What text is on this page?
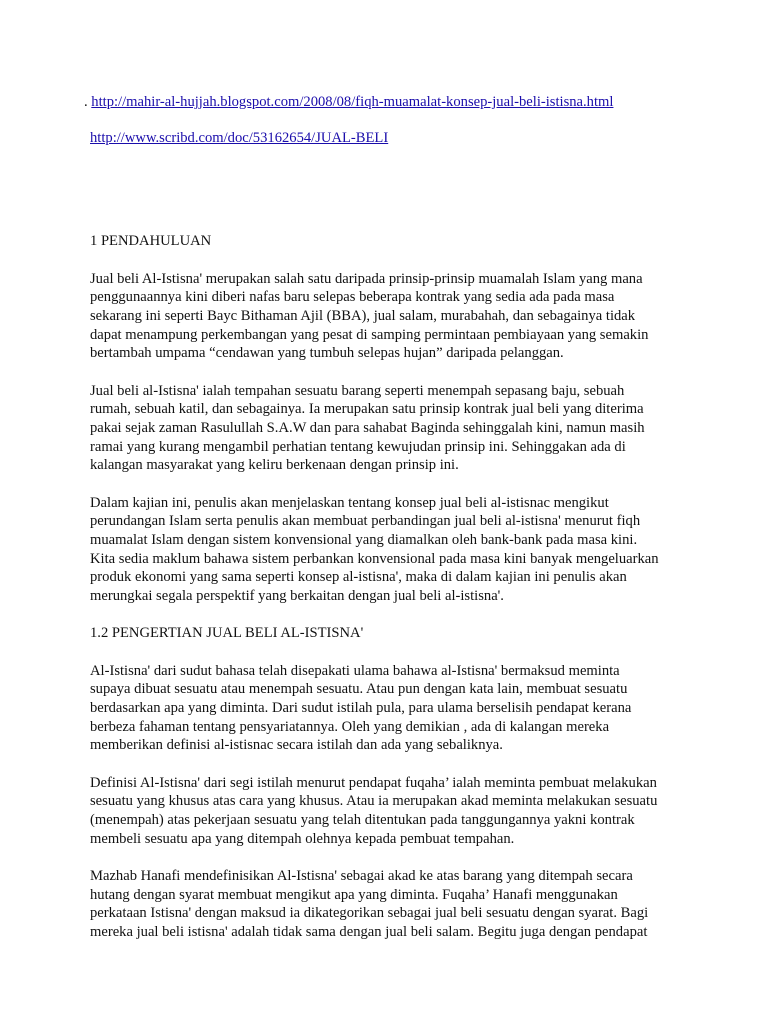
. http://mahir-al-hujjah.blogspot.com/2008/08/fiqh-muamalat-konsep-jual-beli-istisna.html

http://www.scribd.com/doc/53162654/JUAL-BELI

1 PENDAHULUAN

Jual beli Al-Istisna' merupakan salah satu daripada prinsip-prinsip muamalah Islam yang mana
penggunaannya kini diberi nafas baru selepas beberapa kontrak yang sedia ada pada masa
sekarang ini seperti Bayc Bithaman Ajil (BBA), jual salam, murabahah, dan sebagainya tidak
dapat menampung perkembangan yang pesat di samping permintaan pembiayaan yang semakin
bertambah umpama “cendawan yang tumbuh selepas hujan” daripada pelanggan.

Jual beli al-Istisna' ialah tempahan sesuatu barang seperti menempah sepasang baju, sebuah
rumah, sebuah katil, dan sebagainya. Ia merupakan satu prinsip kontrak jual beli yang diterima
pakai sejak zaman Rasulullah S.A.W dan para sahabat Baginda sehinggalah kini, namun masih
ramai yang kurang mengambil perhatian tentang kewujudan prinsip ini. Sehinggakan ada di
kalangan masyarakat yang keliru berkenaan dengan prinsip ini.

Dalam kajian ini, penulis akan menjelaskan tentang konsep jual beli al-istisnac mengikut
perundangan Islam serta penulis akan membuat perbandingan jual beli al-istisna' menurut fiqh
muamalat Islam dengan sistem konvensional yang diamalkan oleh bank-bank pada masa kini.
Kita sedia maklum bahawa sistem perbankan konvensional pada masa kini banyak mengeluarkan
produk ekonomi yang sama seperti konsep al-istisna', maka di dalam kajian ini penulis akan
merungkai segala perspektif yang berkaitan dengan jual beli al-istisna'.

1.2 PENGERTIAN JUAL BELI AL-ISTISNA'

Al-Istisna' dari sudut bahasa telah disepakati ulama bahawa al-Istisna' bermaksud meminta
supaya dibuat sesuatu atau menempah sesuatu. Atau pun dengan kata lain, membuat sesuatu
berdasarkan apa yang diminta. Dari sudut istilah pula, para ulama berselisih pendapat kerana
berbeza fahaman tentang pensyariatannya. Oleh yang demikian , ada di kalangan mereka
memberikan definisi al-istisnac secara istilah dan ada yang sebaliknya.

Definisi Al-Istisna' dari segi istilah menurut pendapat fuqaha’ ialah meminta pembuat melakukan
sesuatu yang khusus atas cara yang khusus. Atau ia merupakan akad meminta melakukan sesuatu
(menempah) atas pekerjaan sesuatu yang telah ditentukan pada tanggungannya yakni kontrak
membeli sesuatu apa yang ditempah olehnya kepada pembuat tempahan.

Mazhab Hanafi mendefinisikan Al-Istisna' sebagai akad ke atas barang yang ditempah secara
hutang dengan syarat membuat mengikut apa yang diminta. Fuqaha’ Hanafi menggunakan
perkataan Istisna' dengan maksud ia dikategorikan sebagai jual beli sesuatu dengan syarat. Bagi
mereka jual beli istisna' adalah tidak sama dengan jual beli salam. Begitu juga dengan pendapat
